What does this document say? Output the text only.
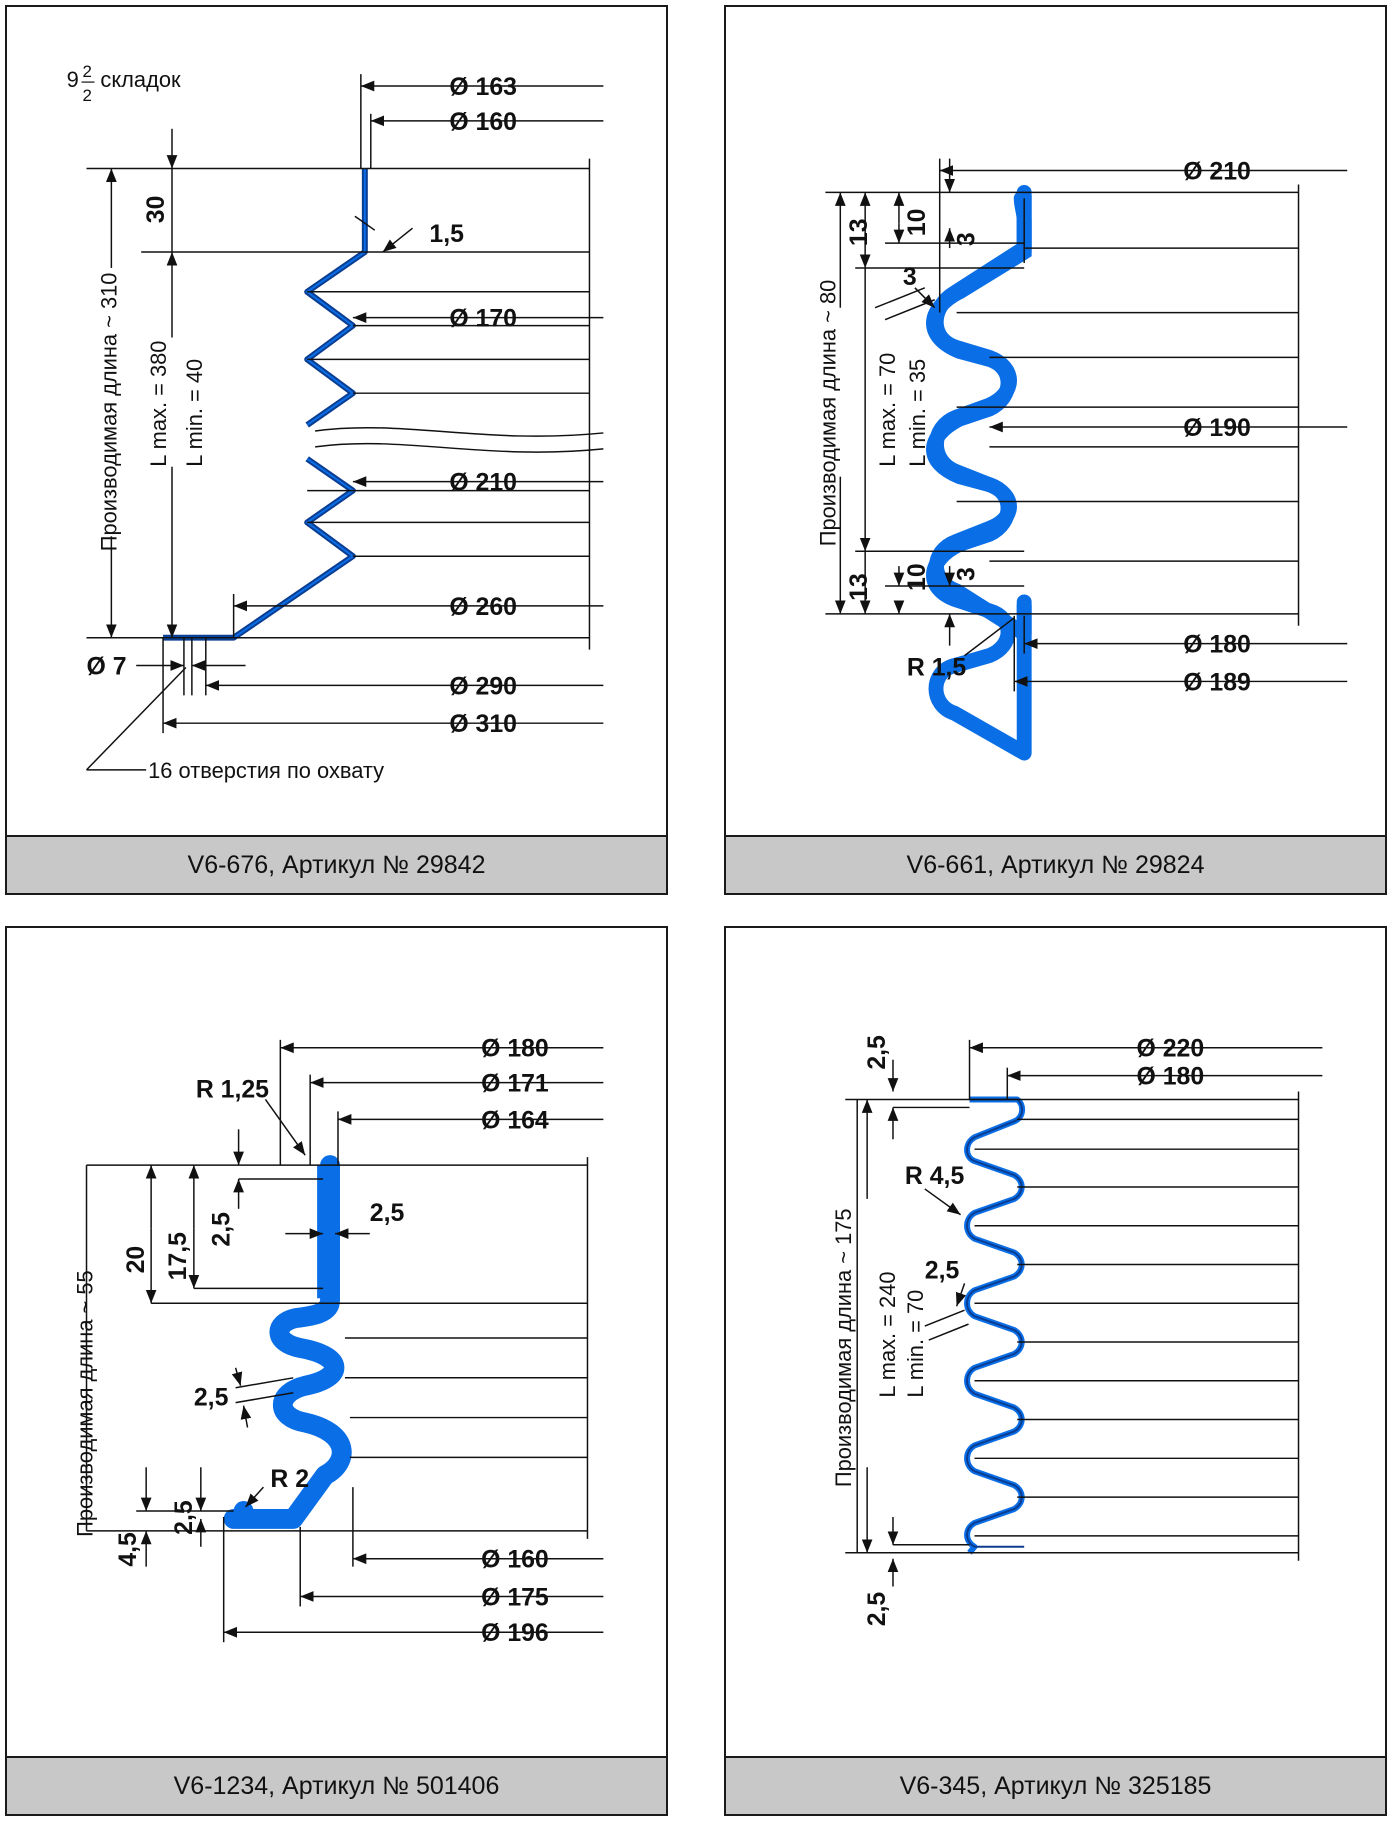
Ø 163
Ø 160
Ø 170
Ø 210
Ø 260
Ø 290
Ø 310
1,5
9 2
2
складок
30
Производимая длина ~ 310 L max. = 380 L min. = 40
Ø 7
16 отверстия по охвату
V6-676, Артикул № 29842
Ø 210
Ø 190
Ø 180
Ø 189
13 10
3
3
13 10 3
Производимая длина ~ 80 L max. = 70 L min. = 35
R 1,5
V6-661, Артикул № 29824
Ø 180
Ø 171
Ø 164
Ø 160
Ø 175
Ø 196
R 1,25
2,5
Производимая длина ~ 55
20 17,5
2,5
2,5
2,5
4,5
R 2
V6-1234, Артикул № 501406
Ø 220
Ø 180
2,5
2,5
Производимая длина ~ 175 L max. = 240 L min. = 70
R 4,5
2,5
V6-345, Артикул № 325185
